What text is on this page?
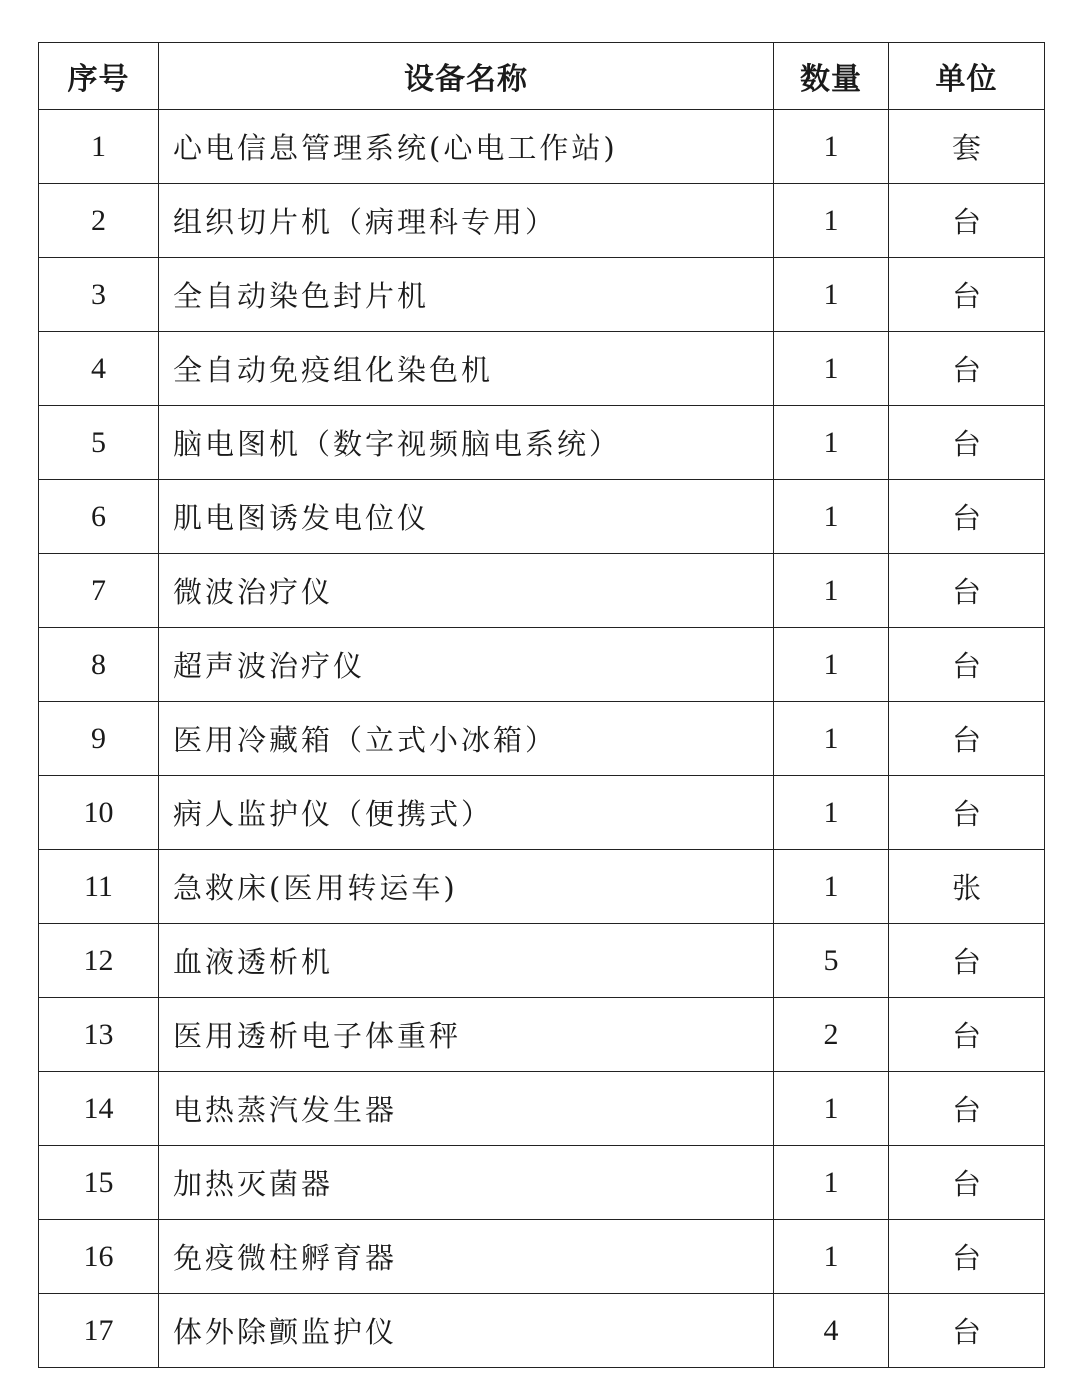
序号	设备名称	数量	单位
1	心电信息管理系统(心电工作站)	1	套
2	组织切片机（病理科专用）	1	台
3	全自动染色封片机	1	台
4	全自动免疫组化染色机	1	台
5	脑电图机（数字视频脑电系统）	1	台
6	肌电图诱发电位仪	1	台
7	微波治疗仪	1	台
8	超声波治疗仪	1	台
9	医用冷藏箱（立式小冰箱）	1	台
10	病人监护仪（便携式）	1	台
11	急救床(医用转运车)	1	张
12	血液透析机	5	台
13	医用透析电子体重秤	2	台
14	电热蒸汽发生器	1	台
15	加热灭菌器	1	台
16	免疫微柱孵育器	1	台
17	体外除颤监护仪	4	台
